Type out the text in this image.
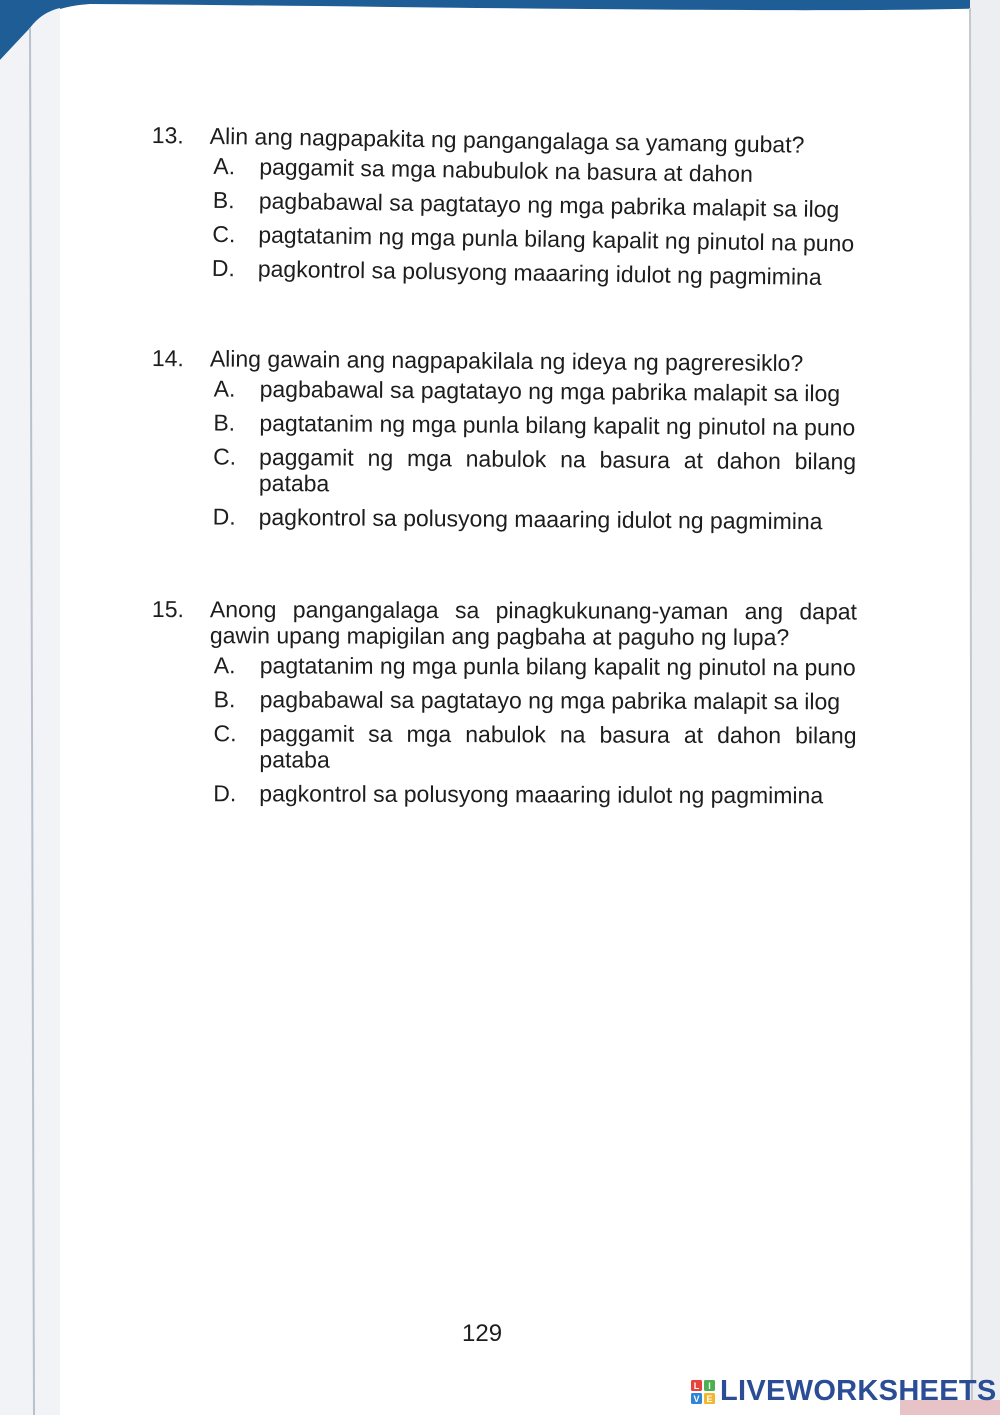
13. Alin ang nagpapakita ng pangangalaga sa yamang gubat?
A. paggamit sa mga nabubulok na basura at dahon
B. pagbabawal sa pagtatayo ng mga pabrika malapit sa ilog
C. pagtatanim ng mga punla bilang kapalit ng pinutol na puno
D. pagkontrol sa polusyong maaaring idulot ng pagmimina
14. Aling gawain ang nagpapakilala ng ideya ng pagreresiklo?
A. pagbabawal sa pagtatayo ng mga pabrika malapit sa ilog
B. pagtatanim ng mga punla bilang kapalit ng pinutol na puno
C. paggamit ng mga nabulok na basura at dahon bilang pataba
D. pagkontrol sa polusyong maaaring idulot ng pagmimina
15. Anong pangangalaga sa pinagkukunang-yaman ang dapat gawin upang mapigilan ang pagbaha at paguho ng lupa?
A. pagtatanim ng mga punla bilang kapalit ng pinutol na puno
B. pagbabawal sa pagtatayo ng mga pabrika malapit sa ilog
C. paggamit sa mga nabulok na basura at dahon bilang pataba
D. pagkontrol sa polusyong maaaring idulot ng pagmimina
129
L I
V E LIVEWORKSHEETS
